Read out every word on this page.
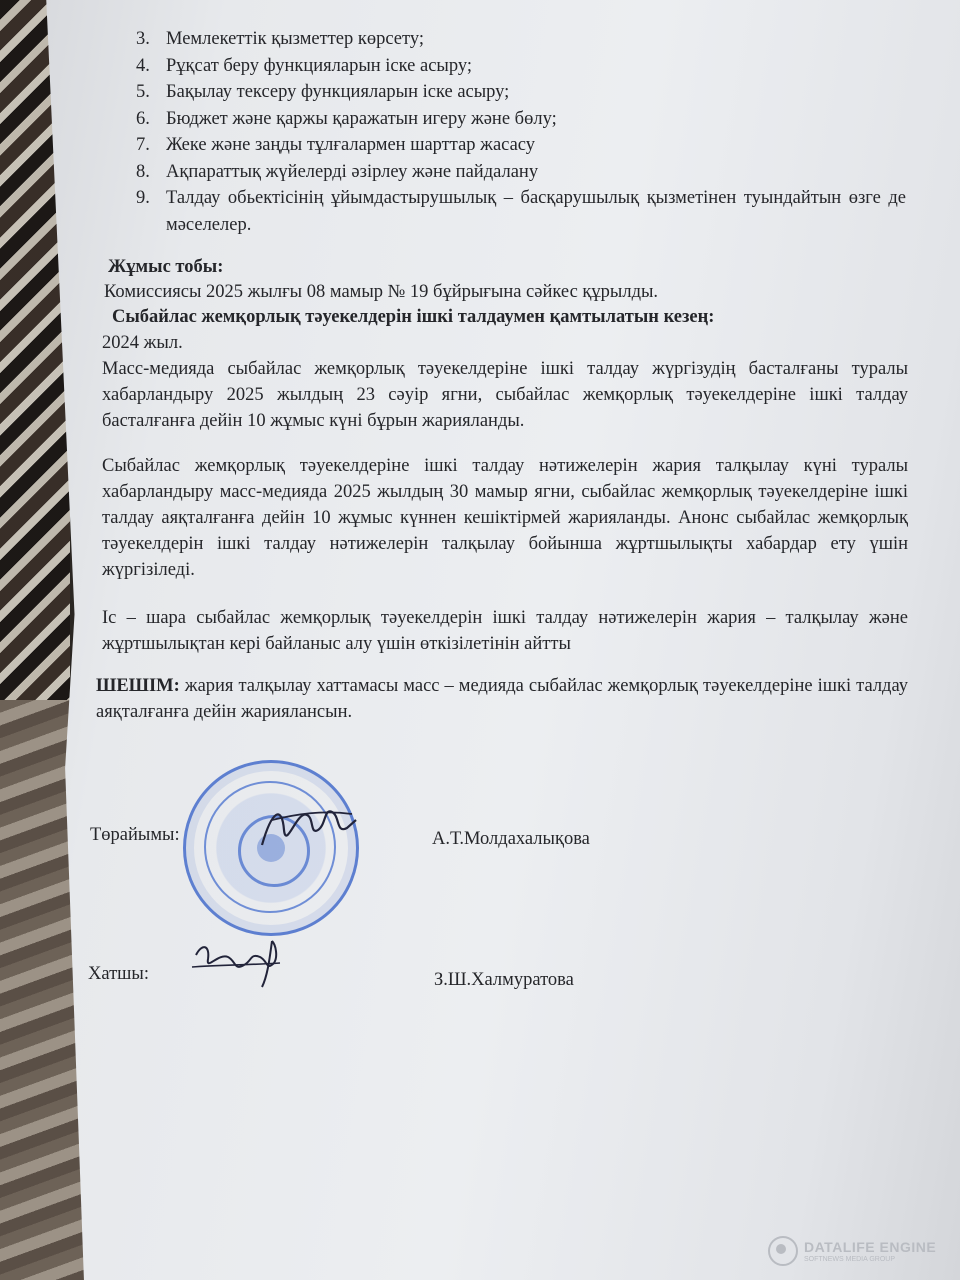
3. Мемлекеттік қызметтер көрсету;
4. Рұқсат беру функцияларын іске асыру;
5. Бақылау тексеру функцияларын іске асыру;
6. Бюджет және қаржы қаражатын игеру және бөлу;
7. Жеке және заңды тұлғалармен шарттар жасасу
8. Ақпараттық жүйелерді әзірлеу және пайдалану
9. Талдау обьектісінің ұйымдастырушылық – басқарушылық қызметінен туындайтын өзге де мәселелер.
Жұмыс тобы:
Комиссиясы 2025 жылғы 08 мамыр № 19 бұйрығына сәйкес құрылды.
Сыбайлас жемқорлық тәуекелдерін ішкі талдаумен қамтылатын кезең:
2024 жыл.
Масс-медияда сыбайлас жемқорлық тәуекелдеріне ішкі талдау жүргізудің басталғаны туралы хабарландыру 2025 жылдың 23 сәуір ягни, сыбайлас жемқорлық тәуекелдеріне ішкі талдау басталғанға дейін 10 жұмыс күні бұрын жарияланды.
Сыбайлас жемқорлық тәуекелдеріне ішкі талдау нәтижелерін жария талқылау күні туралы хабарландыру масс-медияда 2025 жылдың 30 мамыр ягни, сыбайлас жемқорлық тәуекелдеріне ішкі талдау аяқталғанға дейін 10 жұмыс күннен кешіктірмей жарияланды. Анонс сыбайлас жемқорлық тәуекелдерін ішкі талдау нәтижелерін талқылау бойынша жұртшылықты хабардар ету үшін жүргізіледі.
Іс – шара сыбайлас жемқорлық тәуекелдерін ішкі талдау нәтижелерін жария – талқылау және жұртшылықтан кері байланыс алу үшін өткізілетінін айтты
ШЕШІМ: жария талқылау хаттамасы масс – медияда сыбайлас жемқорлық тәуекелдеріне ішкі талдау аяқталғанға дейін жариялансын.
Төрайымы:	А.Т.Молдахалықова
Хатшы:	З.Ш.Халмуратова
DATALIFE ENGINE
SOFTNEWS MEDIA GROUP
